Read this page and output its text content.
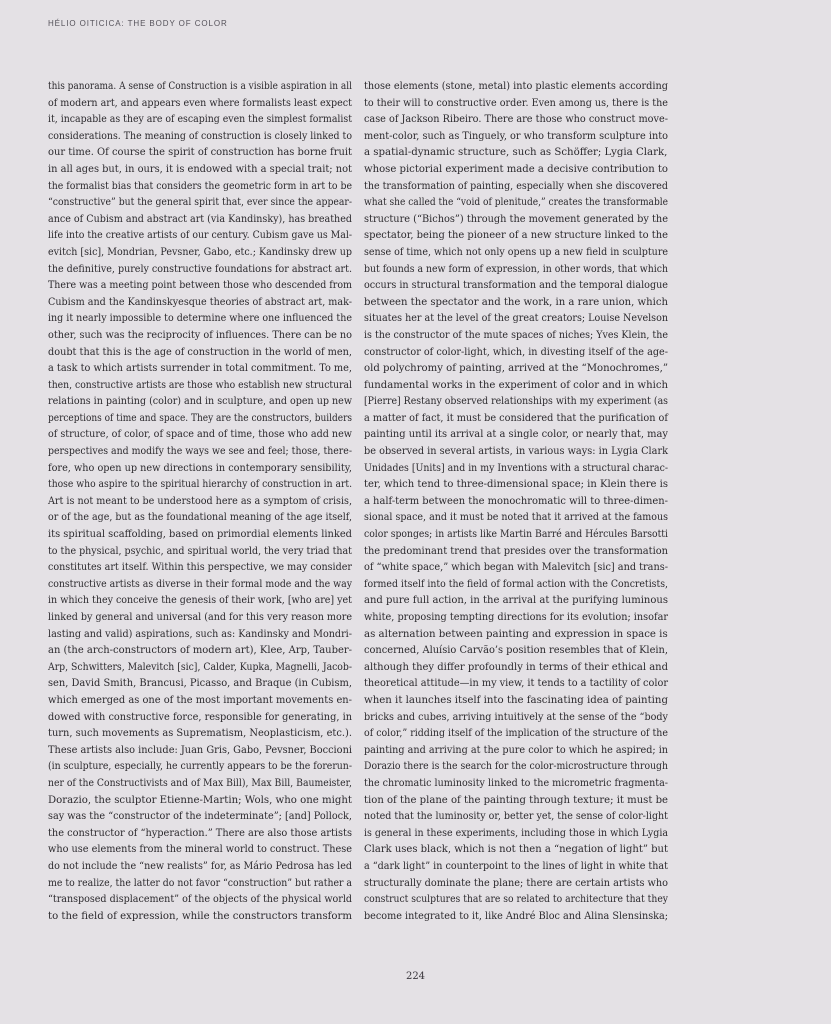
HÉLIO OITICICA: THE BODY OF COLOR
this panorama. A sense of Construction is a visible aspiration in all
of modern art, and appears even where formalists least expect
it, incapable as they are of escaping even the simplest formalist
considerations. The meaning of construction is closely linked to
our time. Of course the spirit of construction has borne fruit
in all ages but, in ours, it is endowed with a special trait; not
the formalist bias that considers the geometric form in art to be
“constructive” but the general spirit that, ever since the appear-
ance of Cubism and abstract art (via Kandinsky), has breathed
life into the creative artists of our century. Cubism gave us Mal-
evitch [sic], Mondrian, Pevsner, Gabo, etc.; Kandinsky drew up
the definitive, purely constructive foundations for abstract art.
There was a meeting point between those who descended from
Cubism and the Kandinskyesque theories of abstract art, mak-
ing it nearly impossible to determine where one influenced the
other, such was the reciprocity of influences. There can be no
doubt that this is the age of construction in the world of men,
a task to which artists surrender in total commitment. To me,
then, constructive artists are those who establish new structural
relations in painting (color) and in sculpture, and open up new
perceptions of time and space. They are the constructors, builders
of structure, of color, of space and of time, those who add new
perspectives and modify the ways we see and feel; those, there-
fore, who open up new directions in contemporary sensibility,
those who aspire to the spiritual hierarchy of construction in art.
Art is not meant to be understood here as a symptom of crisis,
or of the age, but as the foundational meaning of the age itself,
its spiritual scaffolding, based on primordial elements linked
to the physical, psychic, and spiritual world, the very triad that
constitutes art itself. Within this perspective, we may consider
constructive artists as diverse in their formal mode and the way
in which they conceive the genesis of their work, [who are] yet
linked by general and universal (and for this very reason more
lasting and valid) aspirations, such as: Kandinsky and Mondri-
an (the arch-constructors of modern art), Klee, Arp, Tauber-
Arp, Schwitters, Malevitch [sic], Calder, Kupka, Magnelli, Jacob-
sen, David Smith, Brancusi, Picasso, and Braque (in Cubism,
which emerged as one of the most important movements en-
dowed with constructive force, responsible for generating, in
turn, such movements as Suprematism, Neoplasticism, etc.).
These artists also include: Juan Gris, Gabo, Pevsner, Boccioni
(in sculpture, especially, he currently appears to be the forerun-
ner of the Constructivists and of Max Bill), Max Bill, Baumeister,
Dorazio, the sculptor Etienne-Martin; Wols, who one might
say was the “constructor of the indeterminate”; [and] Pollock,
the constructor of “hyperaction.” There are also those artists
who use elements from the mineral world to construct. These
do not include the “new realists” for, as Mário Pedrosa has led
me to realize, the latter do not favor “construction” but rather a
“transposed displacement” of the objects of the physical world
to the field of expression, while the constructors transform
those elements (stone, metal) into plastic elements according
to their will to constructive order. Even among us, there is the
case of Jackson Ribeiro. There are those who construct move-
ment-color, such as Tinguely, or who transform sculpture into
a spatial-dynamic structure, such as Schöffer; Lygia Clark,
whose pictorial experiment made a decisive contribution to
the transformation of painting, especially when she discovered
what she called the “void of plenitude,” creates the transformable
structure (“Bichos”) through the movement generated by the
spectator, being the pioneer of a new structure linked to the
sense of time, which not only opens up a new field in sculpture
but founds a new form of expression, in other words, that which
occurs in structural transformation and the temporal dialogue
between the spectator and the work, in a rare union, which
situates her at the level of the great creators; Louise Nevelson
is the constructor of the mute spaces of niches; Yves Klein, the
constructor of color-light, which, in divesting itself of the age-
old polychromy of painting, arrived at the “Monochromes,”
fundamental works in the experiment of color and in which
[Pierre] Restany observed relationships with my experiment (as
a matter of fact, it must be considered that the purification of
painting until its arrival at a single color, or nearly that, may
be observed in several artists, in various ways: in Lygia Clark
Unidades [Units] and in my Inventions with a structural charac-
ter, which tend to three-dimensional space; in Klein there is
a half-term between the monochromatic will to three-dimen-
sional space, and it must be noted that it arrived at the famous
color sponges; in artists like Martin Barré and Hércules Barsotti
the predominant trend that presides over the transformation
of “white space,” which began with Malevitch [sic] and trans-
formed itself into the field of formal action with the Concretists,
and pure full action, in the arrival at the purifying luminous
white, proposing tempting directions for its evolution; insofar
as alternation between painting and expression in space is
concerned, Aluísio Carvão’s position resembles that of Klein,
although they differ profoundly in terms of their ethical and
theoretical attitude—in my view, it tends to a tactility of color
when it launches itself into the fascinating idea of painting
bricks and cubes, arriving intuitively at the sense of the “body
of color,” ridding itself of the implication of the structure of the
painting and arriving at the pure color to which he aspired; in
Dorazio there is the search for the color-microstructure through
the chromatic luminosity linked to the micrometric fragmenta-
tion of the plane of the painting through texture; it must be
noted that the luminosity or, better yet, the sense of color-light
is general in these experiments, including those in which Lygia
Clark uses black, which is not then a “negation of light” but
a “dark light” in counterpoint to the lines of light in white that
structurally dominate the plane; there are certain artists who
construct sculptures that are so related to architecture that they
become integrated to it, like André Bloc and Alina Slensinska;
224
